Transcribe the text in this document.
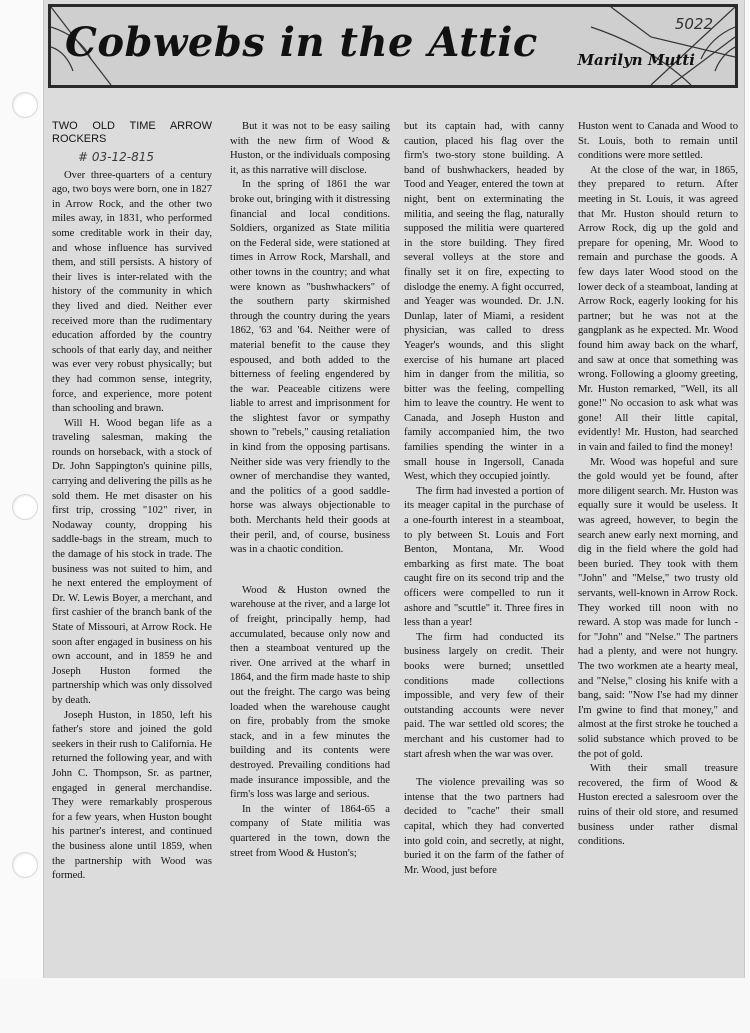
Cobwebs in the Attic	Marilyn Mutti
5022
TWO OLD TIME ARROW ROCKERS
# 03-12-815

Over three-quarters of a century ago, two boys were born, one in 1827 in Arrow Rock, and the other two miles away, in 1831, who performed some creditable work in their day, and whose influence has survived them, and still persists. A history of their lives is inter-related with the history of the community in which they lived and died. Neither ever received more than the rudimentary education afforded by the country schools of that early day, and neither was ever very robust physically; but they had common sense, integrity, force, and experience, more potent than schooling and brawn.

Will H. Wood began life as a traveling salesman, making the rounds on horseback, with a stock of Dr. John Sappington's quinine pills, carrying and delivering the pills as he sold them. He met disaster on his first trip, crossing "102" river, in Nodaway county, dropping his saddle-bags in the stream, much to the damage of his stock in trade. The business was not suited to him, and he next entered the employment of Dr. W. Lewis Boyer, a merchant, and first cashier of the branch bank of the State of Missouri, at Arrow Rock. He soon after engaged in business on his own account, and in 1859 he and Joseph Huston formed the partnership which was only dissolved by death.

Joseph Huston, in 1850, left his father's store and joined the gold seekers in their rush to California. He returned the following year, and with John C. Thompson, Sr. as partner, engaged in general merchandise. They were remarkably prosperous for a few years, when Huston bought his partner's interest, and continued the business alone until 1859, when the partnership with Wood was formed.

But it was not to be easy sailing with the new firm of Wood & Huston, or the individuals composing it, as this narrative will disclose.

In the spring of 1861 the war broke out, bringing with it distressing financial and local conditions. Soldiers, organized as State militia on the Federal side, were stationed at times in Arrow Rock, Marshall, and other towns in the country; and what were known as "bushwhackers" of the southern party skirmished through the country during the years 1862, '63 and '64. Neither were of material benefit to the cause they espoused, and both added to the bitterness of feeling engendered by the war. Peaceable citizens were liable to arrest and imprisonment for the slightest favor or sympathy shown to "rebels," causing retaliation in kind from the opposing partisans. Neither side was very friendly to the owner of merchandise they wanted, and the politics of a good saddle-horse was always objectionable to both. Merchants held their goods at their peril, and, of course, business was in a chaotic condition.

Wood & Huston owned the warehouse at the river, and a large lot of freight, principally hemp, had accumulated, because only now and then a steamboat ventured up the river. One arrived at the wharf in 1864, and the firm made haste to ship out the freight. The cargo was being loaded when the warehouse caught on fire, probably from the smoke stack, and in a few minutes the building and its contents were destroyed. Prevailing conditions had made insurance impossible, and the firm's loss was large and serious.

In the winter of 1864-65 a company of State militia was quartered in the town, down the street from Wood & Huston's;

but its captain had, with canny caution, placed his flag over the firm's two-story stone building. A band of bushwhackers, headed by Tood and Yeager, entered the town at night, bent on exterminating the militia, and seeing the flag, naturally supposed the militia were quartered in the store building. They fired several volleys at the store and finally set it on fire, expecting to dislodge the enemy. A fight occurred, and Yeager was wounded. Dr. J.N. Dunlap, later of Miami, a resident physician, was called to dress Yeager's wounds, and this slight exercise of his humane art placed him in danger from the militia, so bitter was the feeling, compelling him to leave the country. He went to Canada, and Joseph Huston and family accompanied him, the two families spending the winter in a small house in Ingersoll, Canada West, which they occupied jointly.

The firm had invested a portion of its meager capital in the purchase of a one-fourth interest in a steamboat, to ply between St. Louis and Fort Benton, Montana, Mr. Wood embarking as first mate. The boat caught fire on its second trip and the officers were compelled to run it ashore and "scuttle" it. Three fires in less than a year!

The firm had conducted its business largely on credit. Their books were burned; unsettled conditions made collections impossible, and very few of their outstanding accounts were never paid. The war settled old scores; the merchant and his customer had to start afresh when the war was over.

The violence prevailing was so intense that the two partners had decided to "cache" their small capital, which they had converted into gold coin, and secretly, at night, buried it on the farm of the father of Mr. Wood, just before

Huston went to Canada and Wood to St. Louis, both to remain until conditions were more settled.

At the close of the war, in 1865, they prepared to return. After meeting in St. Louis, it was agreed that Mr. Huston should return to Arrow Rock, dig up the gold and prepare for opening, Mr. Wood to remain and purchase the goods. A few days later Wood stood on the lower deck of a steamboat, landing at Arrow Rock, eagerly looking for his partner; but he was not at the gangplank as he expected. Mr. Wood found him away back on the wharf, and saw at once that something was wrong. Following a gloomy greeting, Mr. Huston remarked, "Well, its all gone!" No occasion to ask what was gone! All their little capital, evidently! Mr. Huston, had searched in vain and failed to find the money!

Mr. Wood was hopeful and sure the gold would yet be found, after more diligent search. Mr. Huston was equally sure it would be useless. It was agreed, however, to begin the search anew early next morning, and dig in the field where the gold had been buried. They took with them "John" and "Melse," two trusty old servants, well-known in Arrow Rock. They worked till noon with no reward. A stop was made for lunch - for "John" and "Nelse." The partners had a plenty, and were not hungry. The two workmen ate a hearty meal, and "Nelse," closing his knife with a bang, said: "Now I'se had my dinner I'm gwine to find that money," and almost at the first stroke he touched a solid substance which proved to be the pot of gold.

With their small treasure recovered, the firm of Wood & Huston erected a salesroom over the ruins of their old store, and resumed business under rather dismal conditions.
